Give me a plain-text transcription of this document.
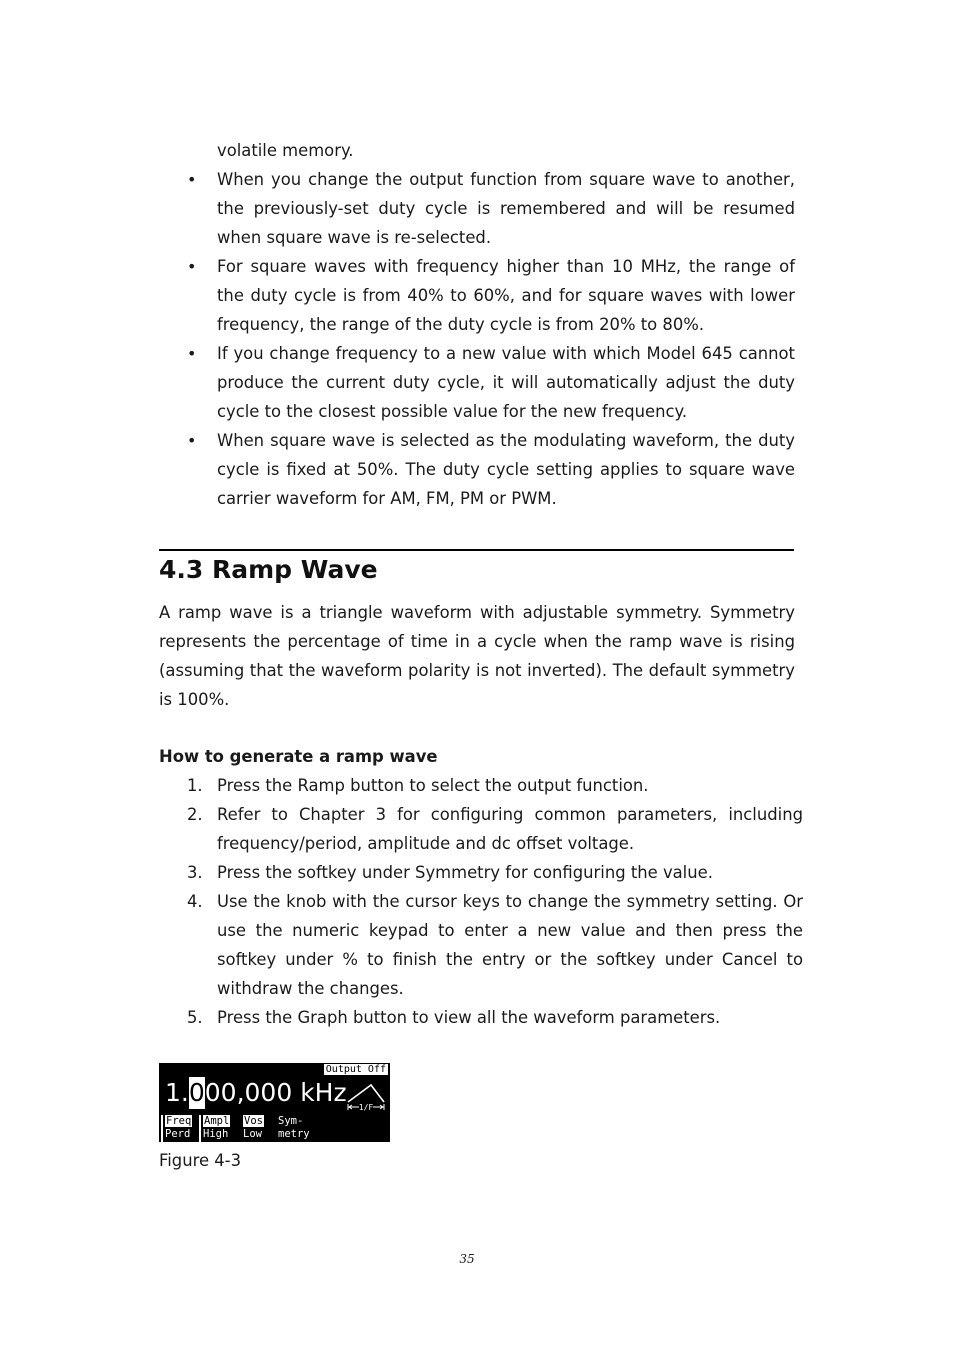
volatile memory.
• When you change the output function from square wave to another, the previously-set duty cycle is remembered and will be resumed when square wave is re-selected.
• For square waves with frequency higher than 10 MHz, the range of the duty cycle is from 40% to 60%, and for square waves with lower frequency, the range of the duty cycle is from 20% to 80%.
• If you change frequency to a new value with which Model 645 cannot produce the current duty cycle, it will automatically adjust the duty cycle to the closest possible value for the new frequency.
• When square wave is selected as the modulating waveform, the duty cycle is fixed at 50%. The duty cycle setting applies to square wave carrier waveform for AM, FM, PM or PWM.
4.3 Ramp Wave

A ramp wave is a triangle waveform with adjustable symmetry. Symmetry represents the percentage of time in a cycle when the ramp wave is rising (assuming that the waveform polarity is not inverted). The default symmetry is 100%.

How to generate a ramp wave

1. Press the Ramp button to select the output function.
2. Refer to Chapter 3 for configuring common parameters, including frequency/period, amplitude and dc offset voltage.
3. Press the softkey under Symmetry for configuring the value.
4. Use the knob with the cursor keys to change the symmetry setting. Or use the numeric keypad to enter a new value and then press the softkey under % to finish the entry or the softkey under Cancel to withdraw the changes.
5. Press the Graph button to view all the waveform parameters.
Output Off
1.000,000 kHz
1/F
Freq
Perd
Ampl
High
Vos
Low
Sym-
metry

Figure 4-3

35
